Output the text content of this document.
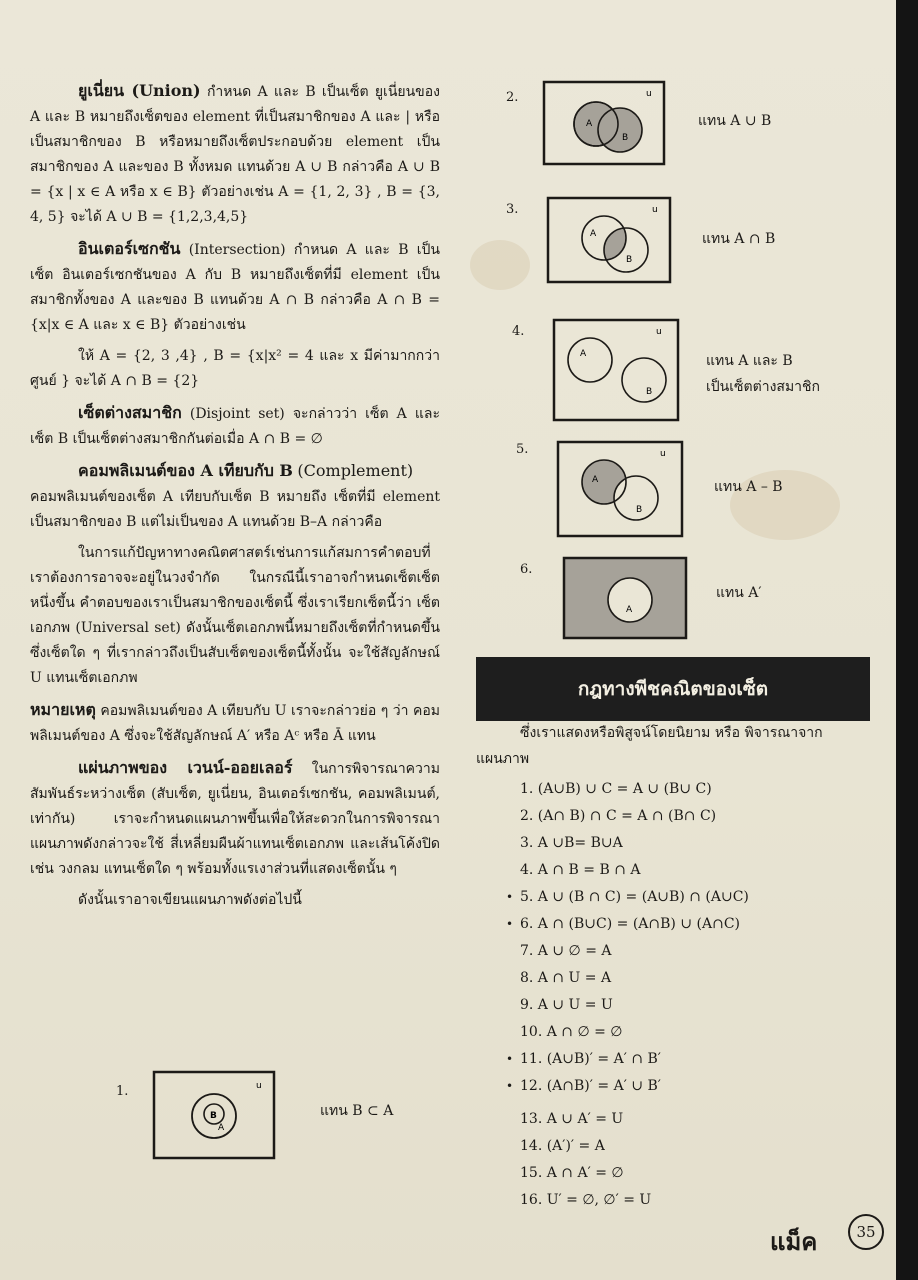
ยูเนี่ยน (Union) กำหนด A และ B เป็นเซ็ต ยูเนี่ยนของ A และ B หมายถึงเซ็ตของ element ที่เป็นสมาชิกของ A และ | หรือ เป็นสมาชิกของ B หรือหมายถึงเซ็ตประกอบด้วย element เป็นสมาชิกของ A และของ B ทั้งหมด แทนด้วย A ∪ B กล่าวคือ A ∪ B = {x | x ∈ A หรือ x ∈ B} ตัวอย่างเช่น A = {1, 2, 3} , B = {3, 4, 5} จะได้ A ∪ B = {1,2,3,4,5}

อินเตอร์เซกชัน (Intersection) กำหนด A และ B เป็นเซ็ต อินเตอร์เซกชันของ A กับ B หมายถึงเซ็ตที่มี element เป็นสมาชิกทั้งของ A และของ B แทนด้วย A ∩ B กล่าวคือ A ∩ B = {x|x ∈ A และ x ∈ B} ตัวอย่างเช่น

ให้ A = {2, 3 ,4} , B = {x|x² = 4 และ x มีค่ามากกว่าศูนย์ } จะได้ A ∩ B = {2}

เซ็ตต่างสมาชิก (Disjoint set) จะกล่าวว่า เซ็ต A และเซ็ต B เป็นเซ็ตต่างสมาชิกกันต่อเมื่อ A ∩ B = ∅

คอมพลิเมนต์ของ A เทียบกับ B (Complement)

คอมพลิเมนต์ของเซ็ต A เทียบกับเซ็ต B หมายถึง เซ็ตที่มี element เป็นสมาชิกของ B แต่ไม่เป็นของ A แทนด้วย B–A กล่าวคือ

ในการแก้ปัญหาทางคณิตศาสตร์เช่นการแก้สมการคำตอบที่เราต้องการอาจจะอยู่ในวงจำกัด ในกรณีนี้เราอาจกำหนดเซ็ตเซ็ตหนึ่งขึ้น คำตอบของเราเป็นสมาชิกของเซ็ตนี้ ซึ่งเราเรียกเซ็ตนี้ว่า เซ็ตเอกภพ (Universal set) ดังนั้นเซ็ตเอกภพนี้หมายถึงเซ็ตที่กำหนดขึ้นซึ่งเซ็ตใด ๆ ที่เรากล่าวถึงเป็นสับเซ็ตของเซ็ตนี้ทั้งนั้น จะใช้สัญลักษณ์ U แทนเซ็ตเอกภพ

หมายเหตุ คอมพลิเมนต์ของ A เทียบกับ U เราจะกล่าวย่อ ๆ ว่า คอมพลิเมนต์ของ A ซึ่งจะใช้สัญลักษณ์ A′ หรือ Aᶜ หรือ Ā แทน

แผ่นภาพของ เวนน์-ออยเลอร์ ในการพิจารณาความสัมพันธ์ระหว่างเซ็ต (สับเซ็ต, ยูเนี่ยน, อินเตอร์เซกชัน, คอมพลิเมนต์, เท่ากัน) เราจะกำหนดแผนภาพขึ้นเพื่อให้สะดวกในการพิจารณา แผนภาพดังกล่าวจะใช้ สี่เหลี่ยมผืนผ้าแทนเซ็ตเอกภพ และเส้นโค้งปิด เช่น วงกลม แทนเซ็ตใด ๆ พร้อมทั้งแรเงาส่วนที่แสดงเซ็ตนั้น ๆ

ดังนั้นเราอาจเขียนแผนภาพดังต่อไปนี้

1.
B
A
u
แทน B ⊂ A
2.
A
B
u
แทน A ∪ B
3.
A
B
u
แทน A ∩ B
4.
A
B
u
แทน A และ B
เป็นเซ็ตต่างสมาชิก
5.
A
B
u
แทน A – B
6.
A
แทน A′
กฎทางพีชคณิตของเซ็ต
ซึ่งเราแสดงหรือพิสูจน์โดยนิยาม หรือ พิจารณาจากแผนภาพ
1. (A∪B) ∪ C = A ∪ (B∪ C)
2. (A∩ B) ∩ C = A ∩ (B∩ C)
3. A ∪B= B∪A
4. A ∩ B = B ∩ A
• 5. A ∪ (B ∩ C) = (A∪B) ∩ (A∪C)
• 6. A ∩ (B∪C) = (A∩B) ∪ (A∩C)
7. A ∪ ∅ = A
8. A ∩ U = A
9. A ∪ U = U
10. A ∩ ∅ = ∅
• 11. (A∪B)′ = A′ ∩ B′
• 12. (A∩B)′ = A′ ∪ B′
13. A ∪ A′ = U
14. (A′)′ = A
15. A ∩ A′ = ∅
16. U′ = ∅, ∅′ = U
แม็ค	35
